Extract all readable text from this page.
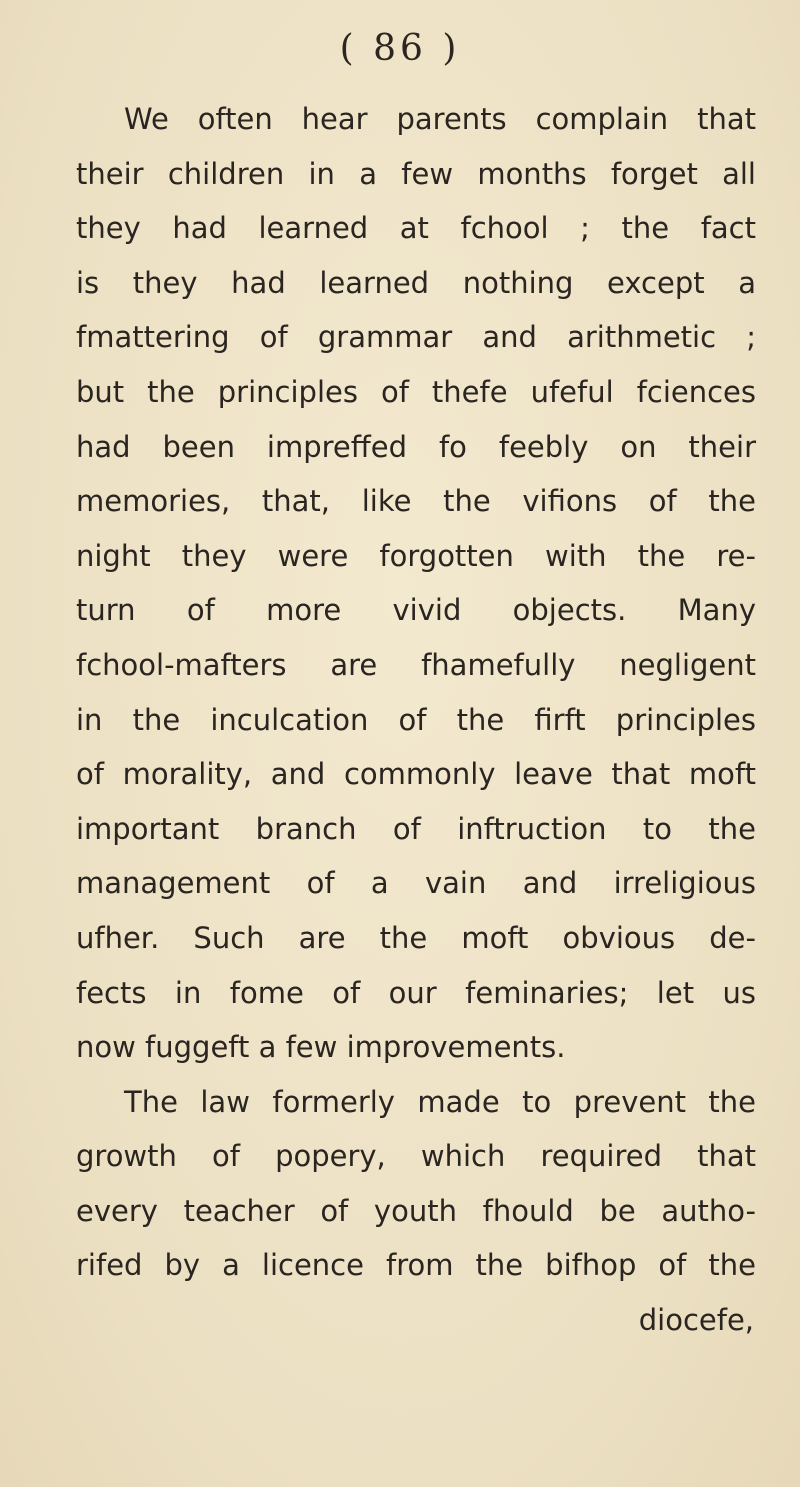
( 86 )
We often hear parents complain that
their children in a few months forget all
they had learned at fchool ; the fact
is they had learned nothing except a
fmattering of grammar and arithmetic ;
but the principles of thefe ufeful fciences
had been impreffed fo feebly on their
memories, that, like the vifions of the
night they were forgotten with the re-
turn of more vivid objects. Many
fchool-mafters are fhamefully negligent
in the inculcation of the firft principles
of morality, and commonly leave that moft
important branch of inftruction to the
management of a vain and irreligious
ufher. Such are the moft obvious de-
fects in fome of our feminaries; let us
now fuggeft a few improvements.
The law formerly made to prevent the
growth of popery, which required that
every teacher of youth fhould be autho-
rifed by a licence from the bifhop of the
diocefe,
